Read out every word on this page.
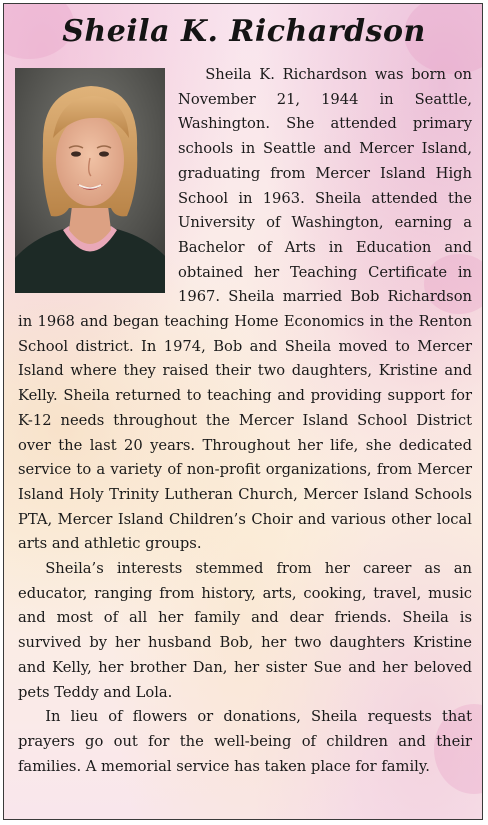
Sheila K. Richardson

Sheila K. Richardson was born on November 21, 1944 in Seattle, Washington. She attended primary schools in Seattle and Mercer Island, graduating from Mercer Island High School in 1963. Sheila attended the University of Washington, earning a Bachelor of Arts in Education and obtained her Teaching Certificate in 1967. Sheila married Bob Richardson in 1968 and began teaching Home Economics in the Renton School district. In 1974, Bob and Sheila moved to Mercer Island where they raised their two daughters, Kristine and Kelly. Sheila returned to teaching and providing support for K-12 needs throughout the Mercer Island School District over the last 20 years. Throughout her life, she dedicated service to a variety of non-profit organizations, from Mercer Island Holy Trinity Lutheran Church, Mercer Island Schools PTA, Mercer Island Children’s Choir and various other local arts and athletic groups.

Sheila’s interests stemmed from her career as an educator, ranging from history, arts, cooking, travel, music and most of all her family and dear friends. Sheila is survived by her husband Bob, her two daughters Kristine and Kelly, her brother Dan, her sister Sue and her beloved pets Teddy and Lola.

In lieu of flowers or donations, Sheila requests that prayers go out for the well-being of children and their families. A memorial service has taken place for family.
